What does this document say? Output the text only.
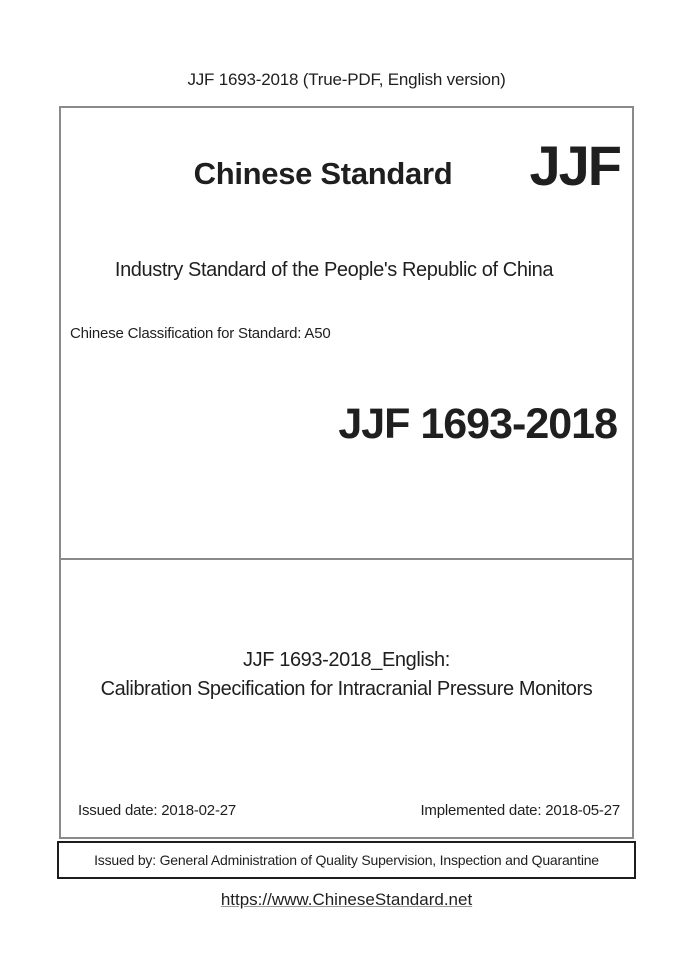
JJF 1693-2018 (True-PDF, English version)
Chinese Standard	JJF
Industry Standard of the People's Republic of China
Chinese Classification for Standard: A50
JJF 1693-2018
JJF 1693-2018_English:
Calibration Specification for Intracranial Pressure Monitors
Issued date: 2018-02-27	Implemented date: 2018-05-27
Issued by: General Administration of Quality Supervision, Inspection and Quarantine
https://www.ChineseStandard.net
